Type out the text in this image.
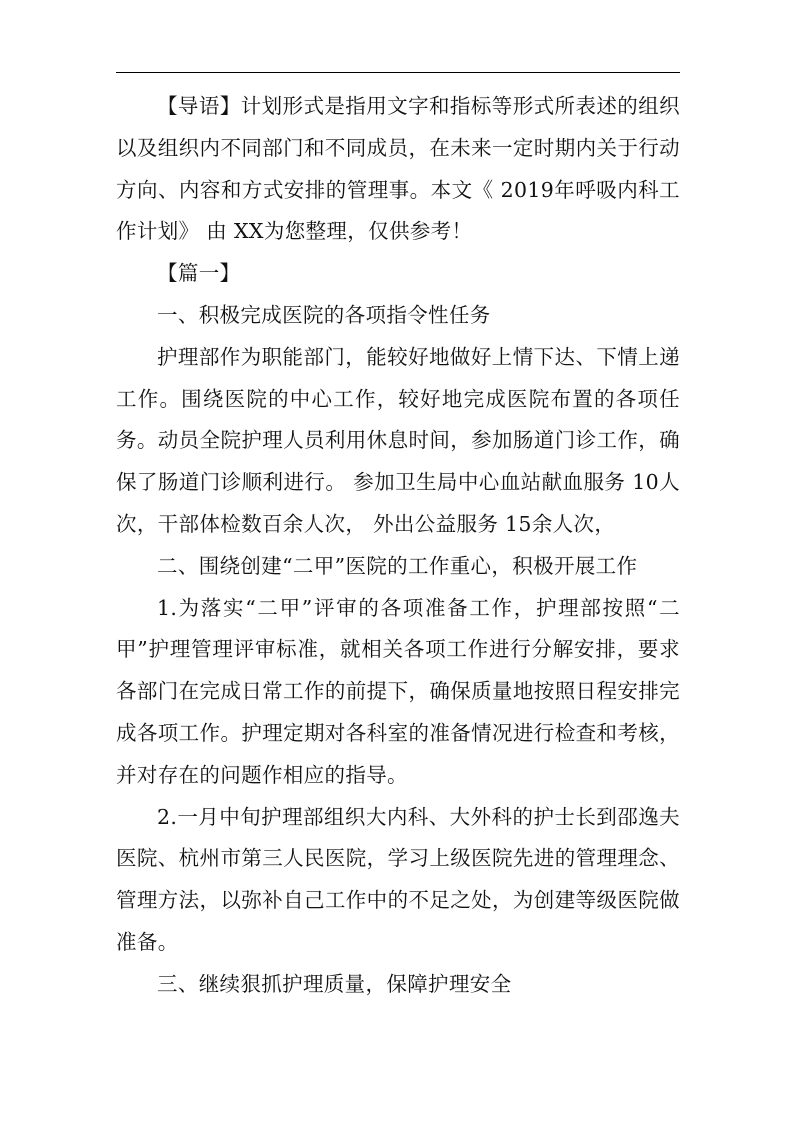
【导语】计划形式是指用文字和指标等形式所表述的组织以及组织内不同部门和不同成员，在未来一定时期内关于行动方向、内容和方式安排的管理事。本文《 2019年呼吸内科工作计划》 由 XX为您整理，仅供参考！

【篇一】

一、积极完成医院的各项指令性任务

护理部作为职能部门，能较好地做好上情下达、下情上递工作。围绕医院的中心工作，较好地完成医院布置的各项任务。动员全院护理人员利用休息时间，参加肠道门诊工作，确保了肠道门诊顺利进行。 参加卫生局中心血站献血服务 10人次，干部体检数百余人次， 外出公益服务 15余人次，

二、围绕创建“二甲”医院的工作重心，积极开展工作

1.为落实“二甲”评审的各项准备工作，护理部按照“二甲”护理管理评审标准，就相关各项工作进行分解安排，要求各部门在完成日常工作的前提下，确保质量地按照日程安排完成各项工作。护理定期对各科室的准备情况进行检查和考核，并对存在的问题作相应的指导。

2.一月中旬护理部组织大内科、大外科的护士长到邵逸夫医院、杭州市第三人民医院，学习上级医院先进的管理理念、管理方法，以弥补自己工作中的不足之处，为创建等级医院做准备。

三、继续狠抓护理质量，保障护理安全
